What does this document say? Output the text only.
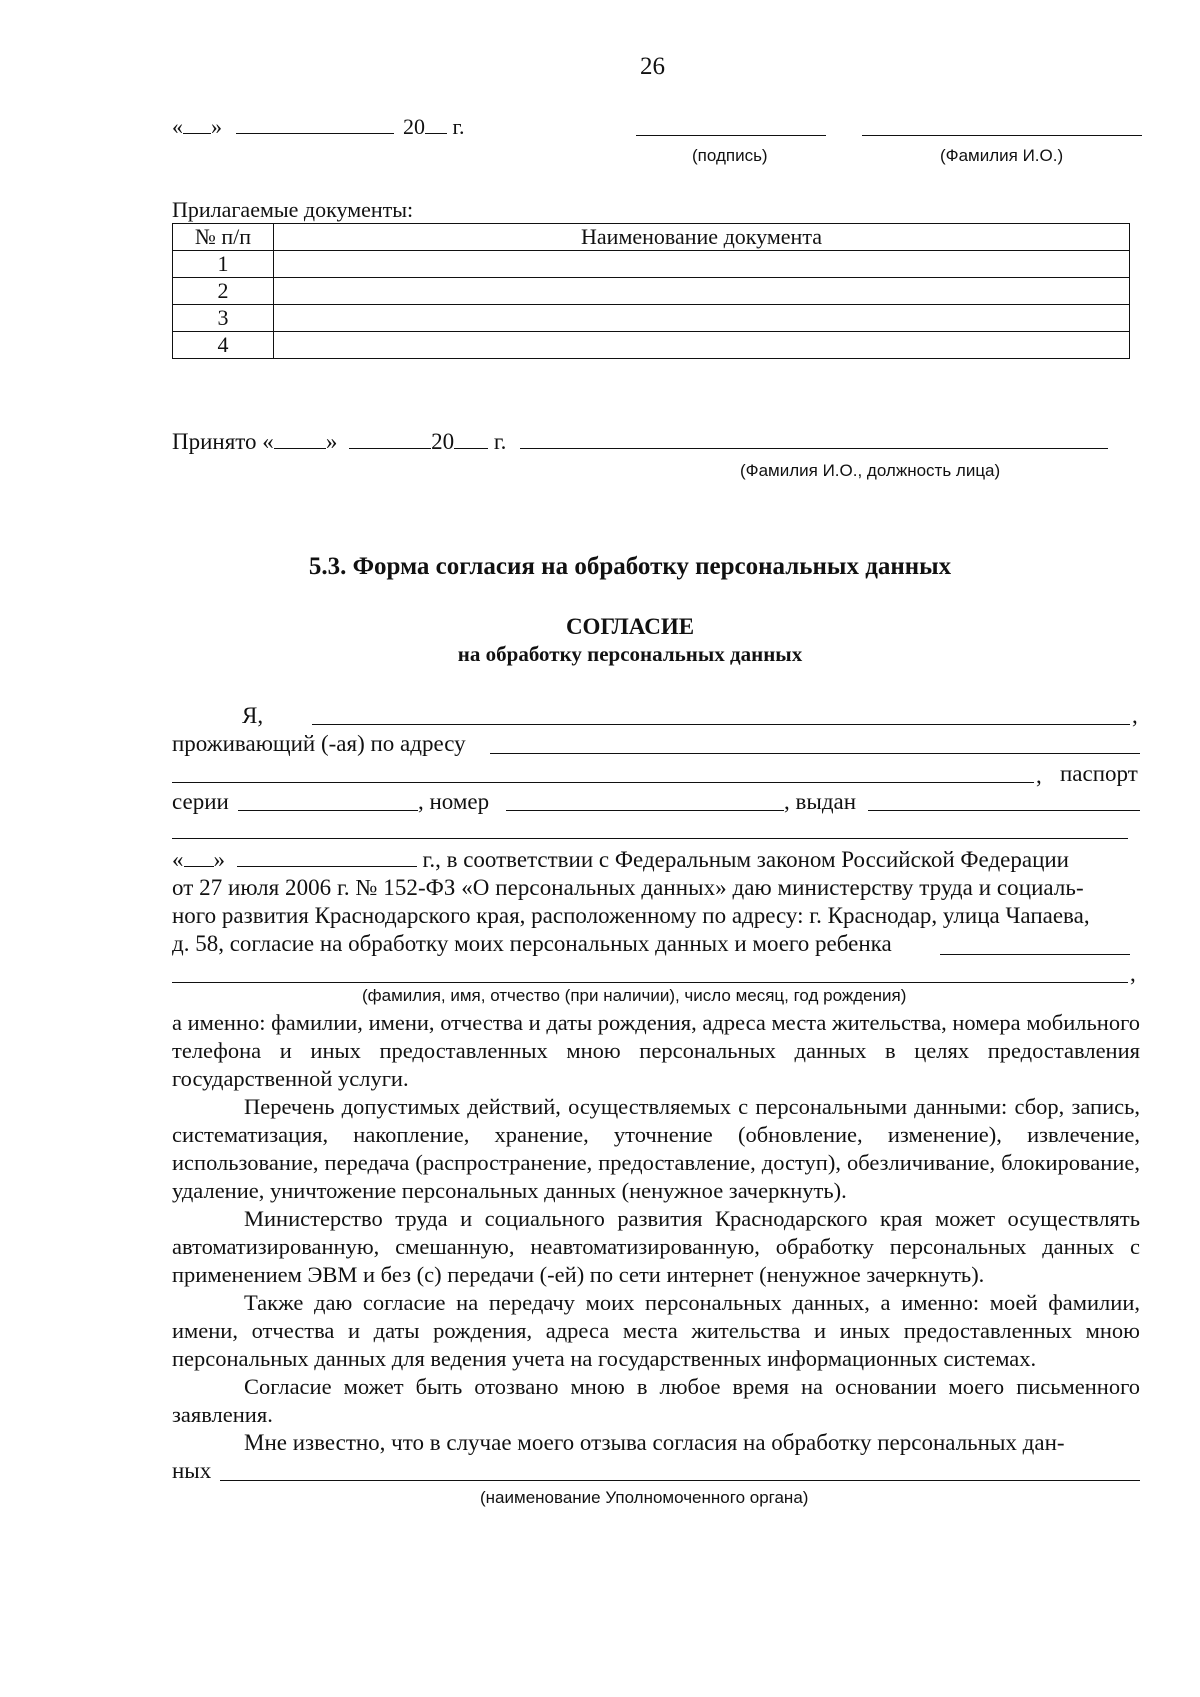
26
« »	20 г.
(подпись)	(Фамилия И.О.)
Прилагаемые документы:
№ п/п	Наименование документа
1	
2	
3	
4	
Принято « »	20 г.
(Фамилия И.О., должность лица)
5.3. Форма согласия на обработку персональных данных
СОГЛАСИЕ
на обработку персональных данных
Я,	,
проживающий (-ая) по адресу
, паспорт
серии	, номер	, выдан
« »	г., в соответствии с Федеральным законом Российской Федерации
от 27 июля 2006 г. № 152-ФЗ «О персональных данных» даю министерству труда и социаль-
ного развития Краснодарского края, расположенному по адресу: г. Краснодар, улица Чапаева,
д. 58, согласие на обработку моих персональных данных и моего ребенка
,
(фамилия, имя, отчество (при наличии), число месяц, год рождения)
а именно: фамилии, имени, отчества и даты рождения, адреса места жительства, номера мобильного телефона и иных предоставленных мною персональных данных в целях предоставления государственной услуги.
Перечень допустимых действий, осуществляемых с персональными данными: сбор, запись, систематизация, накопление, хранение, уточнение (обновление, изменение), извлечение, использование, передача (распространение, предоставление, доступ), обезличивание, блокирование, удаление, уничтожение персональных данных (ненужное зачеркнуть).
Министерство труда и социального развития Краснодарского края может осуществлять автоматизированную, смешанную, неавтоматизированную, обработку персональных данных с применением ЭВМ и без (с) передачи (-ей) по сети интернет (ненужное зачеркнуть).
Также даю согласие на передачу моих персональных данных, а именно: моей фамилии, имени, отчества и даты рождения, адреса места жительства и иных предоставленных мною персональных данных для ведения учета на государственных информационных системах.
Согласие может быть отозвано мною в любое время на основании моего письменного заявления.
Мне известно, что в случае моего отзыва согласия на обработку персональных дан-
ных
(наименование Уполномоченного органа)
